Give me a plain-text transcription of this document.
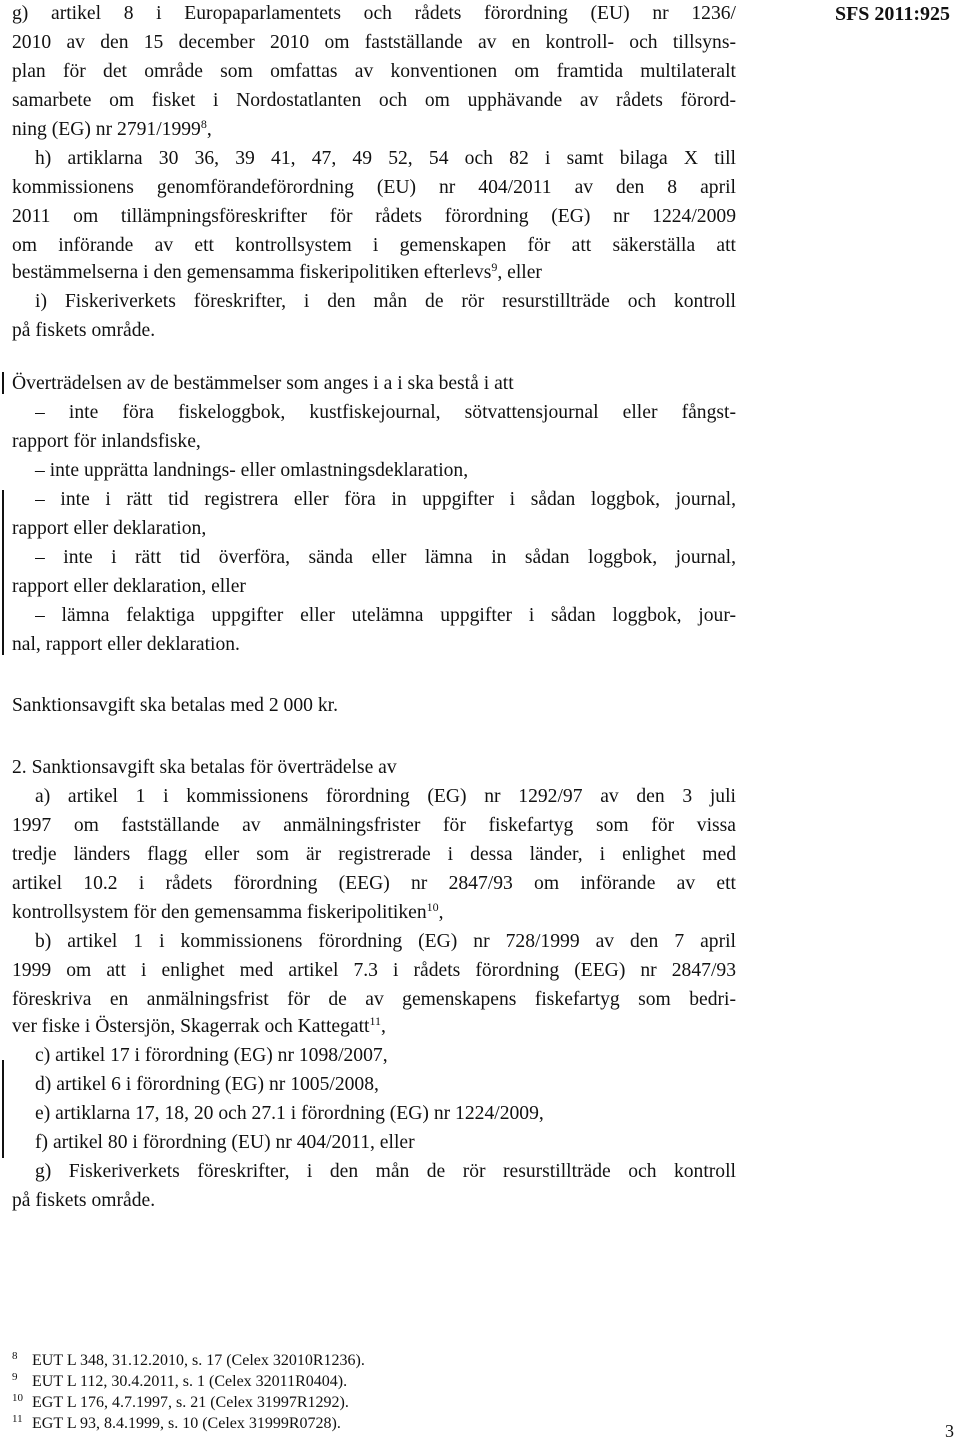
SFS 2011:925
g) artikel 8 i Europaparlamentets och rådets förordning (EU) nr 1236/
2010 av den 15 december 2010 om fastställande av en kontroll- och tillsyns-
plan för det område som omfattas av konventionen om framtida multilateralt
samarbete om fisket i Nordostatlanten och om upphävande av rådets förord-
ning (EG) nr 2791/1999$^8$,
h) artiklarna 30 36, 39 41, 47, 49 52, 54 och 82 i samt bilaga X till
kommissionens genomförandeförordning (EU) nr 404/2011 av den 8 april
2011 om tillämpningsföreskrifter för rådets förordning (EG) nr 1224/2009
om införande av ett kontrollsystem i gemenskapen för att säkerställa att
bestämmelserna i den gemensamma fiskeripolitiken efterlevs$^9$, eller
i) Fiskeriverkets föreskrifter, i den mån de rör resurstillträde och kontroll
på fiskets område.
Överträdelsen av de bestämmelser som anges i a i ska bestå i att
– inte föra fiskeloggbok, kustfiskejournal, sötvattensjournal eller fångst-
rapport för inlandsfiske,
– inte upprätta landnings- eller omlastningsdeklaration,
– inte i rätt tid registrera eller föra in uppgifter i sådan loggbok, journal,
rapport eller deklaration,
– inte i rätt tid överföra, sända eller lämna in sådan loggbok, journal,
rapport eller deklaration, eller
– lämna felaktiga uppgifter eller utelämna uppgifter i sådan loggbok, jour-
nal, rapport eller deklaration.
Sanktionsavgift ska betalas med 2 000 kr.
2. Sanktionsavgift ska betalas för överträdelse av
a) artikel 1 i kommissionens förordning (EG) nr 1292/97 av den 3 juli
1997 om fastställande av anmälningsfrister för fiskefartyg som för vissa
tredje länders flagg eller som är registrerade i dessa länder, i enlighet med
artikel 10.2 i rådets förordning (EEG) nr 2847/93 om införande av ett
kontrollsystem för den gemensamma fiskeripolitiken$^{10}$,
b) artikel 1 i kommissionens förordning (EG) nr 728/1999 av den 7 april
1999 om att i enlighet med artikel 7.3 i rådets förordning (EEG) nr 2847/93
föreskriva en anmälningsfrist för de av gemenskapens fiskefartyg som bedri-
ver fiske i Östersjön, Skagerrak och Kattegatt$^{11}$,
c) artikel 17 i förordning (EG) nr 1098/2007,
d) artikel 6 i förordning (EG) nr 1005/2008,
e) artiklarna 17, 18, 20 och 27.1 i förordning (EG) nr 1224/2009,
f) artikel 80 i förordning (EU) nr 404/2011, eller
g) Fiskeriverkets föreskrifter, i den mån de rör resurstillträde och kontroll
på fiskets område.
$^8$ EUT L 348, 31.12.2010, s. 17 (Celex 32010R1236).
$^9$ EUT L 112, 30.4.2011, s. 1 (Celex 32011R0404).
$^{10}$ EGT L 176, 4.7.1997, s. 21 (Celex 31997R1292).
$^{11}$ EGT L 93, 8.4.1999, s. 10 (Celex 31999R0728).	3
